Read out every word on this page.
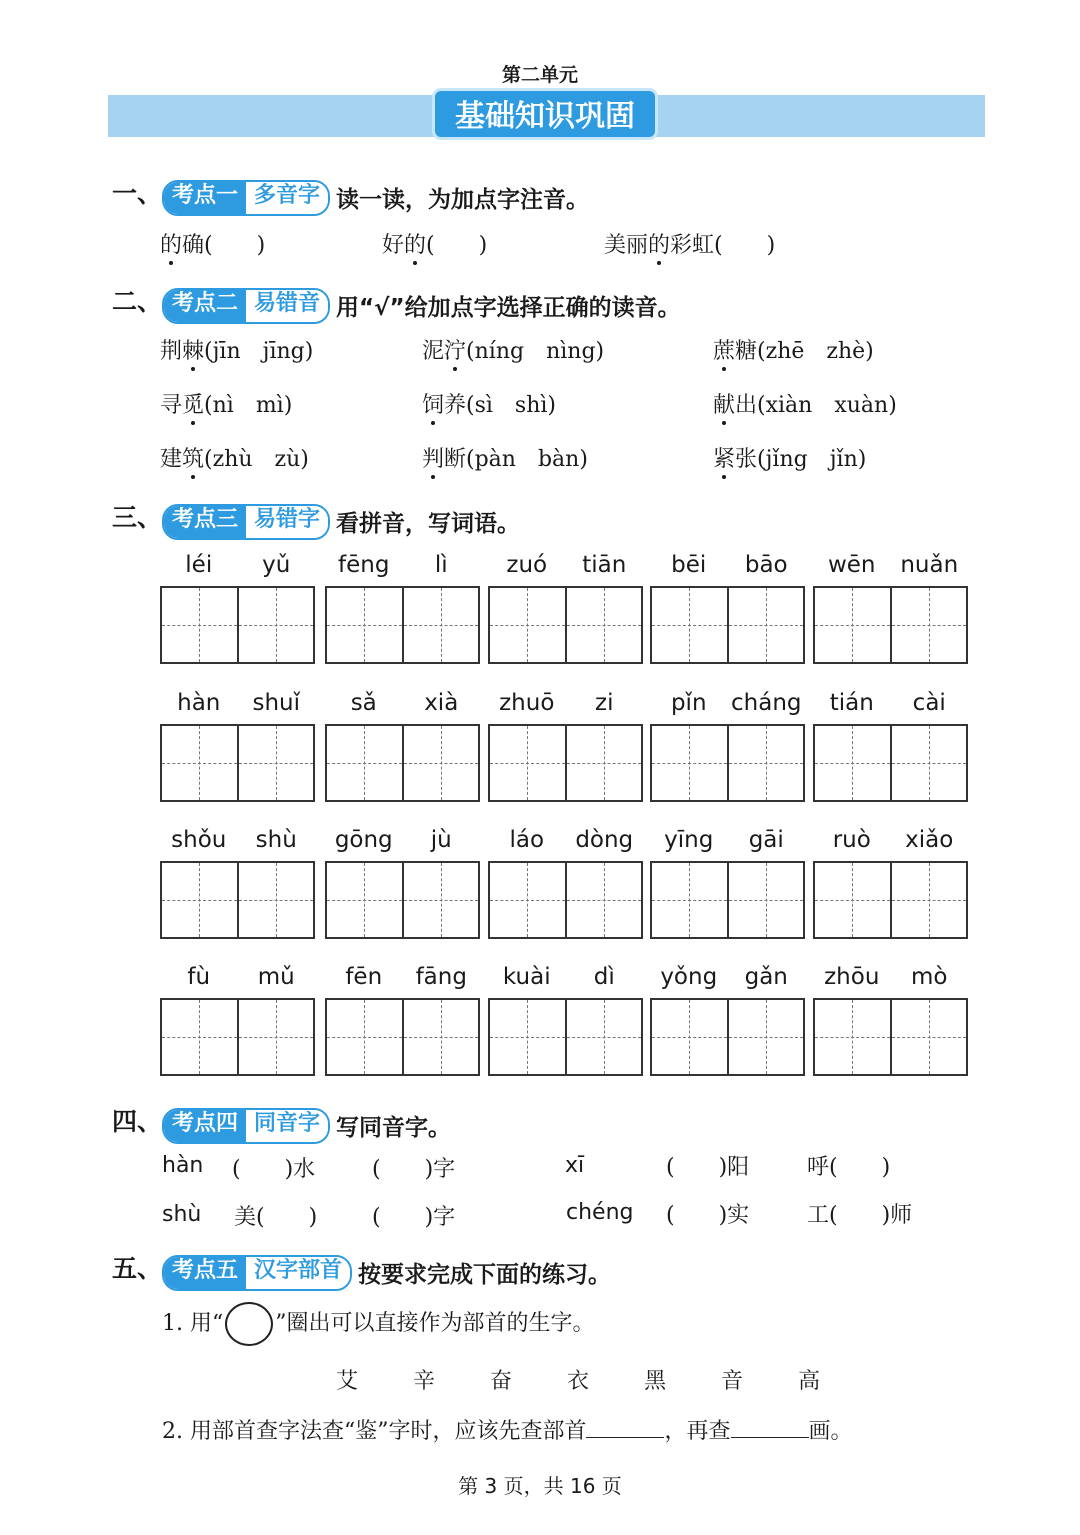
第二单元
基础知识巩固
一、 考点一 多音字 读一读，为加点字注音。
的确(　　)	好的(　　)	美丽的彩虹(　　)
二、 考点二 易错音 用“√”给加点字选择正确的读音。
荆棘(jīn　jīng)	泥泞(níng　nìng)	蔗糖(zhē　zhè)
寻觅(nì　mì)	饲养(sì　shì)	献出(xiàn　xuàn)
建筑(zhù　zù)	判断(pàn　bàn)	紧张(jǐng　jǐn)
三、 考点三 易错字 看拼音，写词语。
léi	yǔ	fēng	lì	zuó	tiān	bēi	bāo	wēn	nuǎn
hàn	shuǐ	sǎ	xià	zhuō	zi	pǐn	cháng	tián	cài
shǒu	shù	gōng	jù	láo	dòng	yīng	gāi	ruò	xiǎo
fù	mǔ	fēn	fāng	kuài	dì	yǒng	gǎn	zhōu	mò
四、 考点四 同音字 写同音字。
hàn (　　)水	(　　)字	xī	(　　)阳	呼(　　)
shù 美(　　) (　　)字	chéng (　　)实	工(　　)师
五、 考点五 汉字部首 按要求完成下面的练习。
1. 用“ ”圈出可以直接作为部首的生字。
艾	辛	奋	衣	黑	音	高
2. 用部首查字法查“鉴”字时，应该先查部首	，再查	画。
第 3 页，共 16 页
